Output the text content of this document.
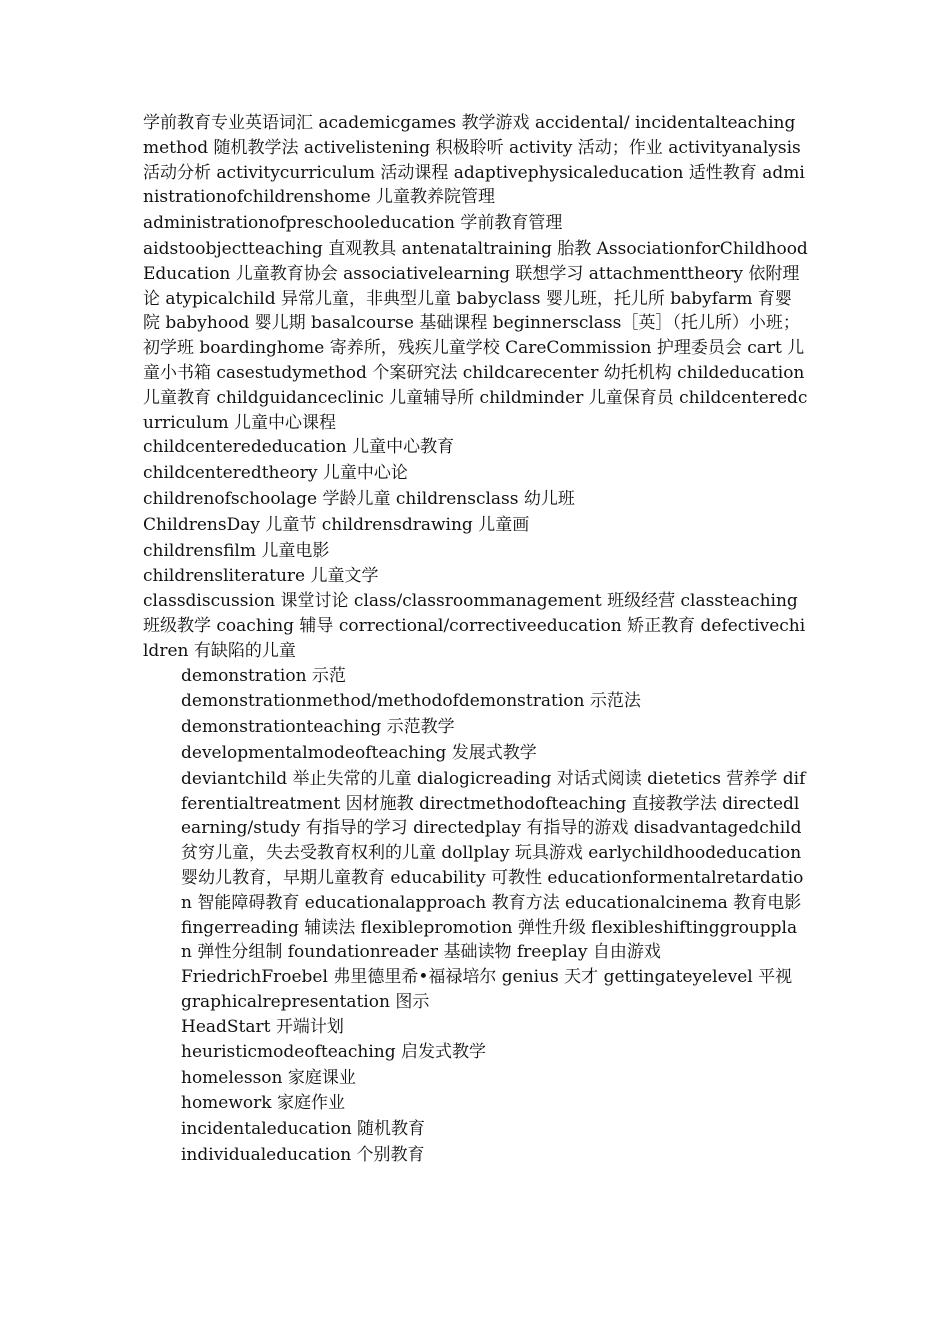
学前教育专业英语词汇 academicgames 教学游戏 accidental/ incidentalteachingmethod 随机教学法 activelistening 积极聆听 activity 活动；作业 activityanalysis 活动分析 activitycurriculum 活动课程 adaptivephysicaleducation 适性教育 administrationofchildrenshome 儿童教养院管理

administrationofpreschooleducation 学前教育管理

aidstoobjectteaching 直观教具 antenataltraining 胎教 AssociationforChildhoodEducation 儿童教育协会 associativelearning 联想学习 attachmenttheory 依附理论 atypicalchild 异常儿童，非典型儿童 babyclass 婴儿班，托儿所 babyfarm 育婴院 babyhood 婴儿期 basalcourse 基础课程 beginnersclass［英］（托儿所）小班；初学班 boardinghome 寄养所，残疾儿童学校 CareCommission 护理委员会 cart 儿童小书箱 casestudymethod 个案研究法 childcarecenter 幼托机构 childeducation 儿童教育 childguidanceclinic 儿童辅导所 childminder 儿童保育员 childcenteredcurriculum 儿童中心课程

childcenterededucation 儿童中心教育

childcenteredtheory 儿童中心论

childrenofschoolage 学龄儿童 childrensclass 幼儿班

ChildrensDay 儿童节 childrensdrawing 儿童画

childrensfilm 儿童电影

childrensliterature 儿童文学

classdiscussion 课堂讨论 class/classroommanagement 班级经营 classteaching 班级教学 coaching 辅导 correctional/correctiveeducation 矫正教育 defectivechildren 有缺陷的儿童

demonstration 示范

demonstrationmethod/methodofdemonstration 示范法

demonstrationteaching 示范教学

developmentalmodeofteaching 发展式教学

deviantchild 举止失常的儿童 dialogicreading 对话式阅读 dietetics 营养学 differentialtreatment 因材施教 directmethodofteaching 直接教学法 directedlearning/study 有指导的学习 directedplay 有指导的游戏 disadvantagedchild 贫穷儿童，失去受教育权利的儿童 dollplay 玩具游戏 earlychildhoodeducation 婴幼儿教育，早期儿童教育 educability 可教性 educationformentalretardation 智能障碍教育 educationalapproach 教育方法 educationalcinema 教育电影 fingerreading 辅读法 flexiblepromotion 弹性升级 flexibleshiftinggroupplan 弹性分组制 foundationreader 基础读物 freeplay 自由游戏

FriedrichFroebel 弗里德里希•福禄培尔 genius 天才 gettingateyelevel 平视 graphicalrepresentation 图示

HeadStart 开端计划

heuristicmodeofteaching 启发式教学

homelesson 家庭课业

homework 家庭作业

incidentaleducation 随机教育

individualeducation 个别教育
